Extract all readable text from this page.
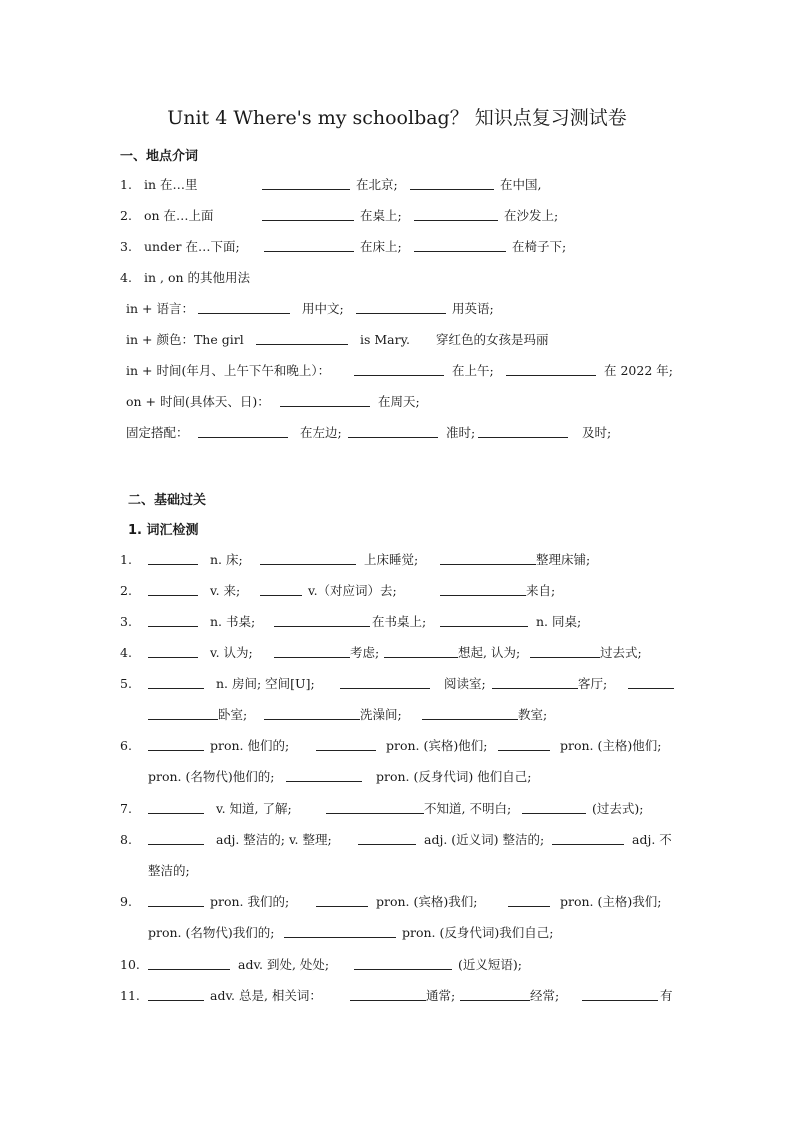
Unit 4 Where's my schoolbag？ 知识点复习测试卷
一、地点介词
1. in 在…里	在北京;	在中国,
2. on 在…上面	在桌上;	在沙发上;
3. under 在…下面;	在床上;	在椅子下;
4. in , on 的其他用法
in + 语言：	用中文;	用英语;
in + 颜色：The girl	is Mary. 穿红色的女孩是玛丽
in + 时间(年月、上午下午和晚上）：	在上午;	在 2022 年;
on + 时间(具体天、日)：	在周天;
固定搭配：	在左边;	准时;	及时;
二、基础过关
1. 词汇检测
1.	n. 床;	上床睡觉;	整理床铺;
2.	v. 来;	v.（对应词）去;	来自;
3.	n. 书桌;	在书桌上;	n. 同桌;
4.	v. 认为;	考虑;	想起, 认为;	过去式;
5.	n. 房间; 空间[U];	阅读室;	客厅;
卧室;	洗澡间;	教室;
6.	pron. 他们的;	pron. (宾格)他们;	pron. (主格)他们;
pron. (名物代)他们的;	pron. (反身代词) 他们自己;
7.	v. 知道, 了解;	不知道, 不明白;	(过去式);
8.	adj. 整洁的; v. 整理;	adj. (近义词) 整洁的;	adj. 不
整洁的;
9.	pron. 我们的;	pron. (宾格)我们;	pron. (主格)我们;
pron. (名物代)我们的;	pron. (反身代词)我们自己;
10.	adv. 到处, 处处;	(近义短语);
11.	adv. 总是, 相关词：	通常;	经常;	有
